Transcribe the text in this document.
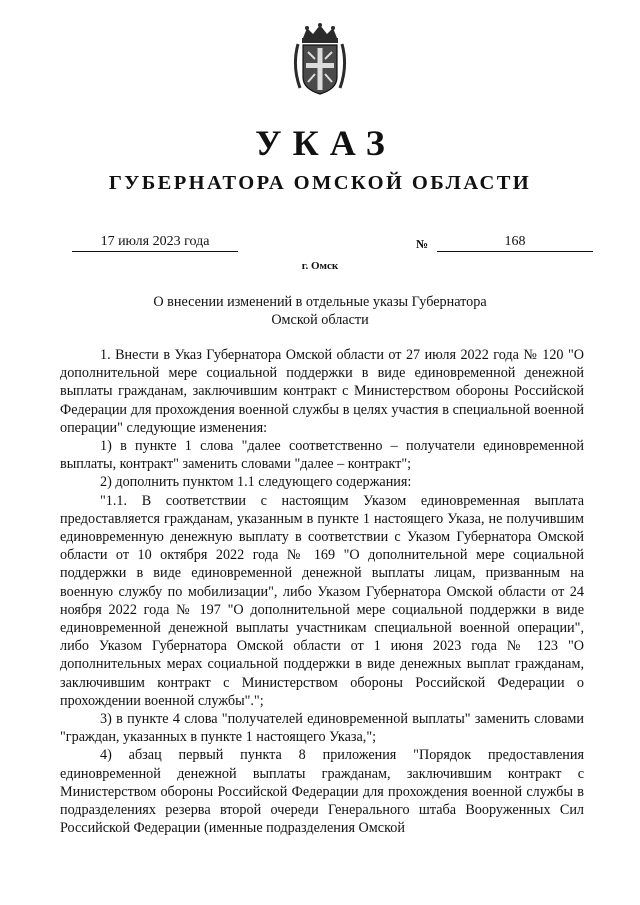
УКАЗ
ГУБЕРНАТОРА ОМСКОЙ ОБЛАСТИ
17 июля 2023 года	№	168
г. Омск
О внесении изменений в отдельные указы Губернатора
Омской области

1. Внести в Указ Губернатора Омской области от 27 июля 2022 года № 120 "О дополнительной мере социальной поддержки в виде единовременной денежной выплаты гражданам, заключившим контракт с Министерством обороны Российской Федерации для прохождения военной службы в целях участия в специальной военной операции" следующие изменения:

1) в пункте 1 слова "далее соответственно – получатели единовременной выплаты, контракт" заменить словами "далее – контракт";

2) дополнить пунктом 1.1 следующего содержания:

"1.1. В соответствии с настоящим Указом единовременная выплата предоставляется гражданам, указанным в пункте 1 настоящего Указа, не получившим единовременную денежную выплату в соответствии с Указом Губернатора Омской области от 10 октября 2022 года № 169 "О дополнительной мере социальной поддержки в виде единовременной денежной выплаты лицам, призванным на военную службу по мобилизации", либо Указом Губернатора Омской области от 24 ноября 2022 года № 197 "О дополнительной мере социальной поддержки в виде единовременной денежной выплаты участникам специальной военной операции", либо Указом Губернатора Омской области от 1 июня 2023 года № 123 "О дополнительных мерах социальной поддержки в виде денежных выплат гражданам, заключившим контракт с Министерством обороны Российской Федерации о прохождении военной службы".";

3) в пункте 4 слова "получателей единовременной выплаты" заменить словами "граждан, указанных в пункте 1 настоящего Указа,";

4) абзац первый пункта 8 приложения "Порядок предоставления единовременной денежной выплаты гражданам, заключившим контракт с Министерством обороны Российской Федерации для прохождения военной службы в подразделениях резерва второй очереди Генерального штаба Вооруженных Сил Российской Федерации (именные подразделения Омской
